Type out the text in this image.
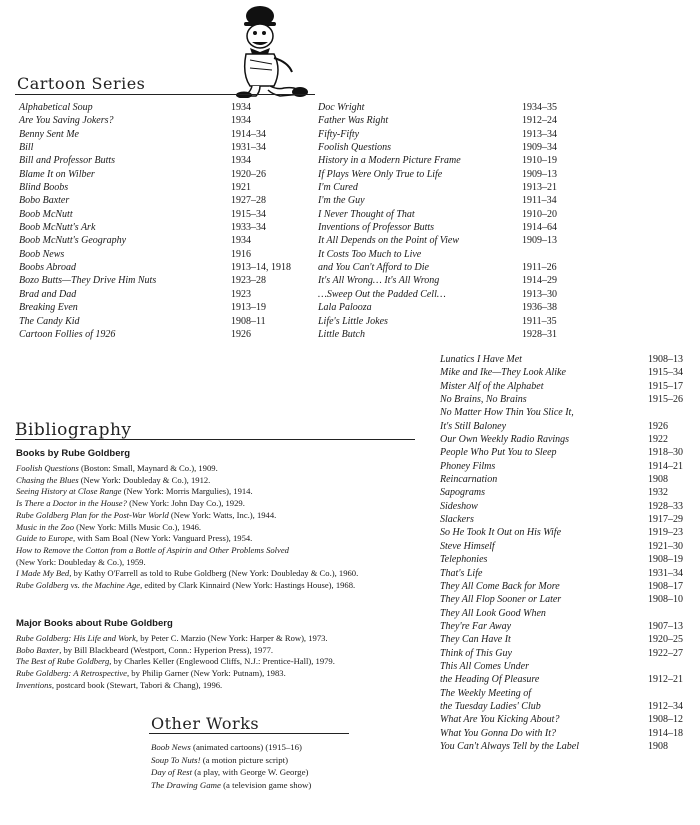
Cartoon Series
Alphabetical Soup	1934
Are You Saving Jokers?	1934
Benny Sent Me	1914–34
Bill	1931–34
Bill and Professor Butts	1934
Blame It on Wilber	1920–26
Blind Boobs	1921
Bobo Baxter	1927–28
Boob McNutt	1915–34
Boob McNutt's Ark	1933–34
Boob McNutt's Geography	1934
Boob News	1916
Boobs Abroad	1913–14, 1918
Bozo Butts—They Drive Him Nuts	1923–28
Brad and Dad	1923
Breaking Even	1913–19
The Candy Kid	1908–11
Cartoon Follies of 1926	1926
Doc Wright	1934–35
Father Was Right	1912–24
Fifty-Fifty	1913–34
Foolish Questions	1909–34
History in a Modern Picture Frame	1910–19
If Plays Were Only True to Life	1909–13
I'm Cured	1913–21
I'm the Guy	1911–34
I Never Thought of That	1910–20
Inventions of Professor Butts	1914–64
It All Depends on the Point of View	1909–13
It Costs Too Much to Live
and You Can't Afford to Die	1911–26
It's All Wrong… It's All Wrong	1914–29
…Sweep Out the Padded Cell…	1913–30
Lala Palooza	1936–38
Life's Little Jokes	1911–35
Little Butch	1928–31
Lunatics I Have Met	1908–13
Mike and Ike—They Look Alike	1915–34
Mister Alf of the Alphabet	1915–17
No Brains, No Brains	1915–26
No Matter How Thin You Slice It,
It's Still Baloney	1926
Our Own Weekly Radio Ravings	1922
People Who Put You to Sleep	1918–30
Phoney Films	1914–21
Reincarnation	1908
Sapograms	1932
Sideshow	1928–33
Slackers	1917–29
So He Took It Out on His Wife	1919–23
Steve Himself	1921–30
Telephonies	1908–19
That's Life	1931–34
They All Come Back for More	1908–17
They All Flop Sooner or Later	1908–10
They All Look Good When
They're Far Away	1907–13
They Can Have It	1920–25
Think of This Guy	1922–27
This All Comes Under
the Heading Of Pleasure	1912–21
The Weekly Meeting of
the Tuesday Ladies' Club	1912–34
What Are You Kicking About?	1908–12
What You Gonna Do with It?	1914–18
You Can't Always Tell by the Label	1908
Bibliography
Books by Rube Goldberg
Foolish Questions (Boston: Small, Maynard & Co.), 1909.
Chasing the Blues (New York: Doubleday & Co.), 1912.
Seeing History at Close Range (New York: Morris Margulies), 1914.
Is There a Doctor in the House? (New York: John Day Co.), 1929.
Rube Goldberg Plan for the Post-War World (New York: Watts, Inc.), 1944.
Music in the Zoo (New York: Mills Music Co.), 1946.
Guide to Europe, with Sam Boal (New York: Vanguard Press), 1954.
How to Remove the Cotton from a Bottle of Aspirin and Other Problems Solved
(New York: Doubleday & Co.), 1959.
I Made My Bed, by Kathy O'Farrell as told to Rube Goldberg (New York: Doubleday & Co.), 1960.
Rube Goldberg vs. the Machine Age, edited by Clark Kinnaird (New York: Hastings House), 1968.
Major Books about Rube Goldberg
Rube Goldberg: His Life and Work, by Peter C. Marzio (New York: Harper & Row), 1973.
Bobo Baxter, by Bill Blackbeard (Westport, Conn.: Hyperion Press), 1977.
The Best of Rube Goldberg, by Charles Keller (Englewood Cliffs, N.J.: Prentice-Hall), 1979.
Rube Goldberg: A Retrospective, by Philip Garner (New York: Putnam), 1983.
Inventions, postcard book (Stewart, Tabori & Chang), 1996.
Other Works
Boob News (animated cartoons) (1915–16)
Soup To Nuts! (a motion picture script)
Day of Rest (a play, with George W. George)
The Drawing Game (a television game show)
